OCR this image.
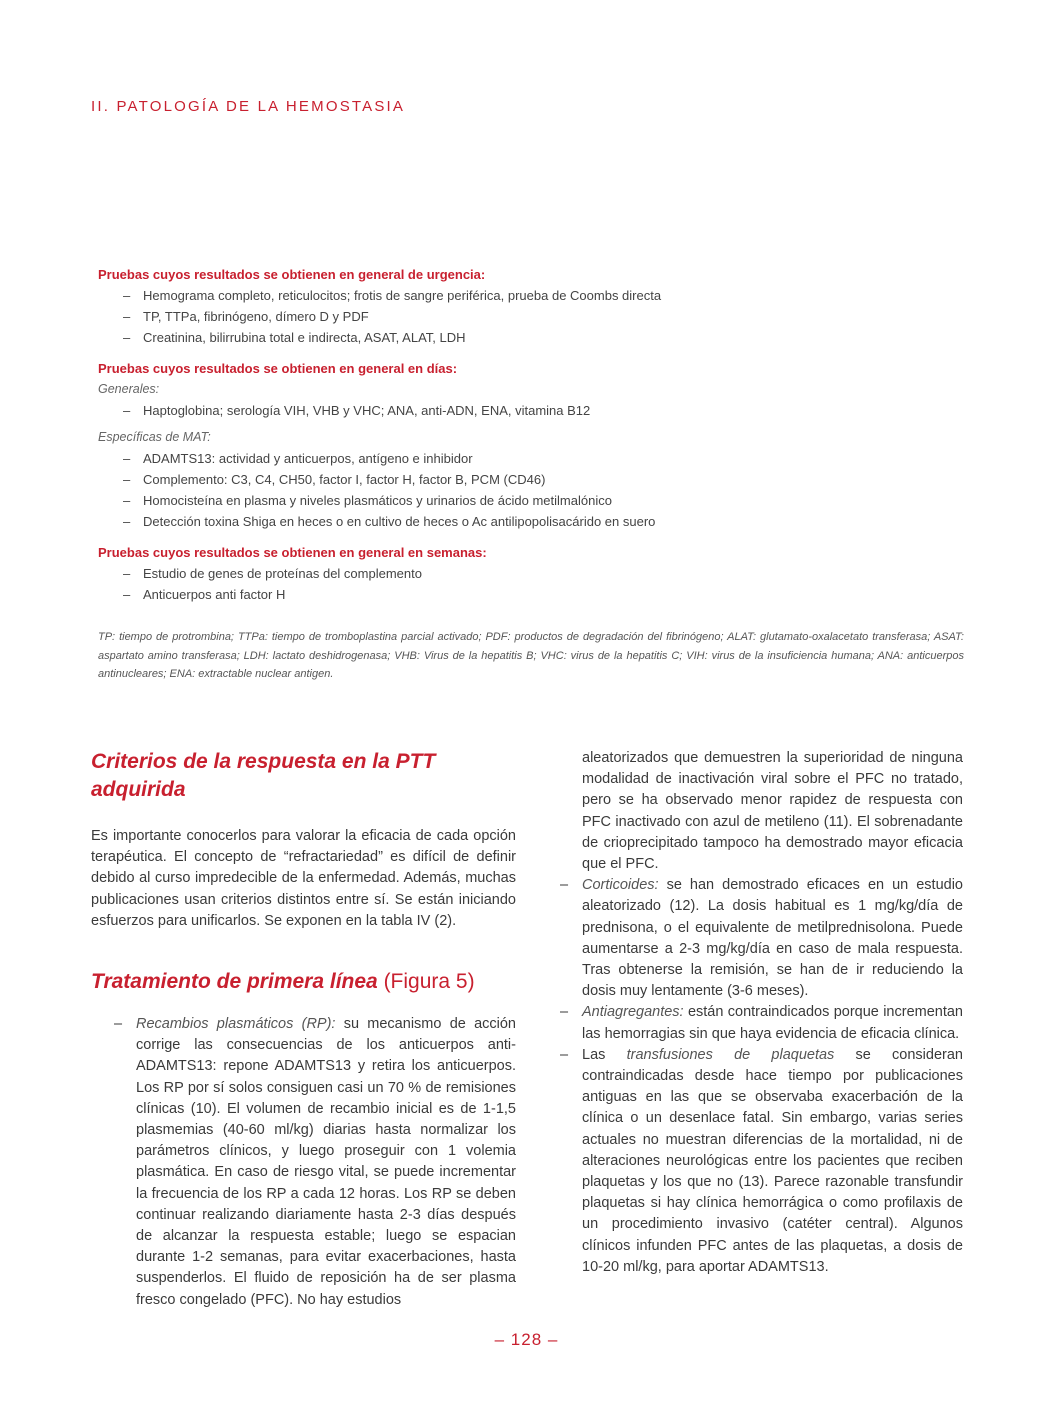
II. PATOLOGÍA DE LA HEMOSTASIA

Pruebas cuyos resultados se obtienen en general de urgencia:

– Hemograma completo, reticulocitos; frotis de sangre periférica, prueba de Coombs directa
– TP, TTPa, fibrinógeno, dímero D y PDF
– Creatinina, bilirrubina total e indirecta, ASAT, ALAT, LDH

Pruebas cuyos resultados se obtienen en general en días:

Generales:

– Haptoglobina; serología VIH, VHB y VHC; ANA, anti-ADN, ENA, vitamina B12

Específicas de MAT:

– ADAMTS13: actividad y anticuerpos, antígeno e inhibidor
– Complemento: C3, C4, CH50, factor I, factor H, factor B, PCM (CD46)
– Homocisteína en plasma y niveles plasmáticos y urinarios de ácido metilmalónico
– Detección toxina Shiga en heces o en cultivo de heces o Ac antilipopolisacárido en suero

Pruebas cuyos resultados se obtienen en general en semanas:

– Estudio de genes de proteínas del complemento
– Anticuerpos anti factor H
TP: tiempo de protrombina; TTPa: tiempo de tromboplastina parcial activado; PDF: productos de degradación del fibrinógeno; ALAT: glutamato-oxalacetato transferasa; ASAT: aspartato amino transferasa; LDH: lactato deshidrogenasa; VHB: Virus de la hepatitis B; VHC: virus de la hepatitis C; VIH: virus de la insuficiencia humana; ANA: anticuerpos antinucleares; ENA: extractable nuclear antigen.
Criterios de la respuesta en la PTT adquirida

Es importante conocerlos para valorar la eficacia de cada opción terapéutica. El concepto de “refractariedad” es difícil de definir debido al curso impredecible de la enfermedad. Además, muchas publicaciones usan criterios distintos entre sí. Se están iniciando esfuerzos para unificarlos. Se exponen en la tabla IV (2).

Tratamiento de primera línea (Figura 5)
– Recambios plasmáticos (RP): su mecanismo de acción corrige las consecuencias de los anticuerpos anti-ADAMTS13: repone ADAMTS13 y retira los anticuerpos. Los RP por sí solos consiguen casi un 70 % de remisiones clínicas (10). El volumen de recambio inicial es de 1-1,5 plasmemias (40-60 ml/kg) diarias hasta normalizar los parámetros clínicos, y luego proseguir con 1 volemia plasmática. En caso de riesgo vital, se puede incrementar la frecuencia de los RP a cada 12 horas. Los RP se deben continuar realizando diariamente hasta 2-3 días después de alcanzar la respuesta estable; luego se espacian durante 1-2 semanas, para evitar exacerbaciones, hasta suspenderlos. El fluido de reposición ha de ser plasma fresco congelado (PFC). No hay estudios

aleatorizados que demuestren la superioridad de ninguna modalidad de inactivación viral sobre el PFC no tratado, pero se ha observado menor rapidez de respuesta con PFC inactivado con azul de metileno (11). El sobrenadante de crioprecipitado tampoco ha demostrado mayor eficacia que el PFC.

– Corticoides: se han demostrado eficaces en un estudio aleatorizado (12). La dosis habitual es 1 mg/kg/día de prednisona, o el equivalente de metilprednisolona. Puede aumentarse a 2-3 mg/kg/día en caso de mala respuesta. Tras obtenerse la remisión, se han de ir reduciendo la dosis muy lentamente (3-6 meses).
– Antiagregantes: están contraindicados porque incrementan las hemorragias sin que haya evidencia de eficacia clínica.
– Las transfusiones de plaquetas se consideran contraindicadas desde hace tiempo por publicaciones antiguas en las que se observaba exacerbación de la clínica o un desenlace fatal. Sin embargo, varias series actuales no muestran diferencias de la mortalidad, ni de alteraciones neurológicas entre los pacientes que reciben plaquetas y los que no (13). Parece razonable transfundir plaquetas si hay clínica hemorrágica o como profilaxis de un procedimiento invasivo (catéter central). Algunos clínicos infunden PFC antes de las plaquetas, a dosis de 10-20 ml/kg, para aportar ADAMTS13.
– 128 –
